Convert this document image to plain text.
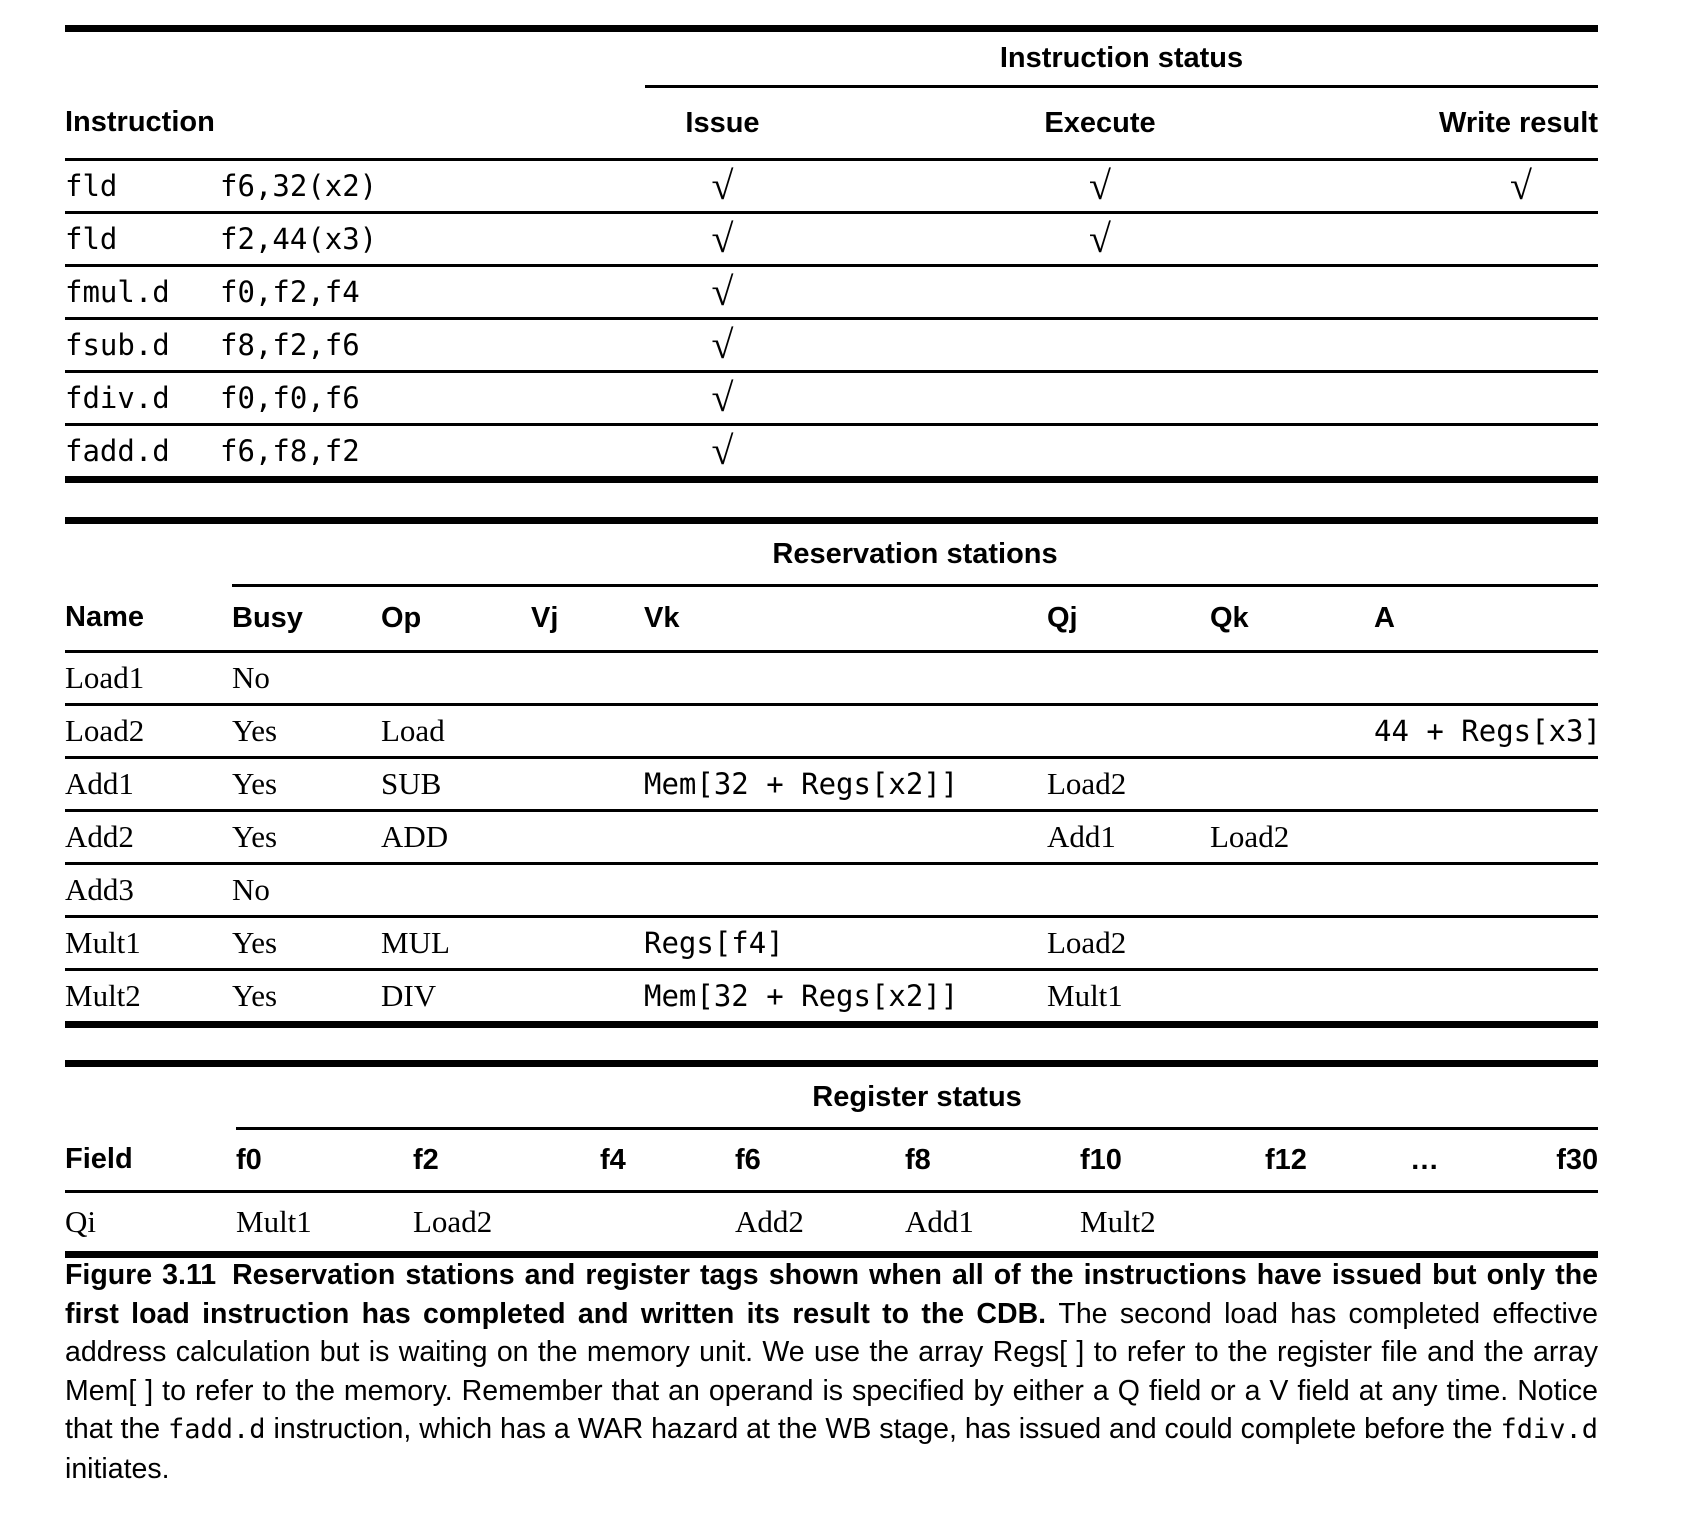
		Instruction status			
Instruction		Issue		Execute	Write result
fld	f6,32(x2)	√		√	√
fld	f2,44(x3)	√		√	
fmul.d	f0,f2,f4	√			
fsub.d	f8,f2,f6	√			
fdiv.d	f0,f0,f6	√			
fadd.d	f6,f8,f2	√			
	Reservation stations						
Name	Busy	Op	Vj	Vk	Qj	Qk	A
Load1	No						
Load2	Yes	Load					44 + Regs[x3]
Add1	Yes	SUB		Mem[32 + Regs[x2]]	Load2		
Add2	Yes	ADD			Add1	Load2	
Add3	No						
Mult1	Yes	MUL		Regs[f4]	Load2		
Mult2	Yes	DIV		Mem[32 + Regs[x2]]	Mult1		
	Register status								
Field	f0	f2	f4	f6	f8	f10	f12	…	f30
Qi	Mult1	Load2		Add2	Add1	Mult2			
Figure 3.11 Reservation stations and register tags shown when all of the instructions have issued but only the first load instruction has completed and written its result to the CDB. The second load has completed effective address calculation but is waiting on the memory unit. We use the array Regs[ ] to refer to the register file and the array Mem[ ] to refer to the memory. Remember that an operand is specified by either a Q field or a V field at any time. Notice that the fadd.d instruction, which has a WAR hazard at the WB stage, has issued and could complete before the fdiv.d initiates.
